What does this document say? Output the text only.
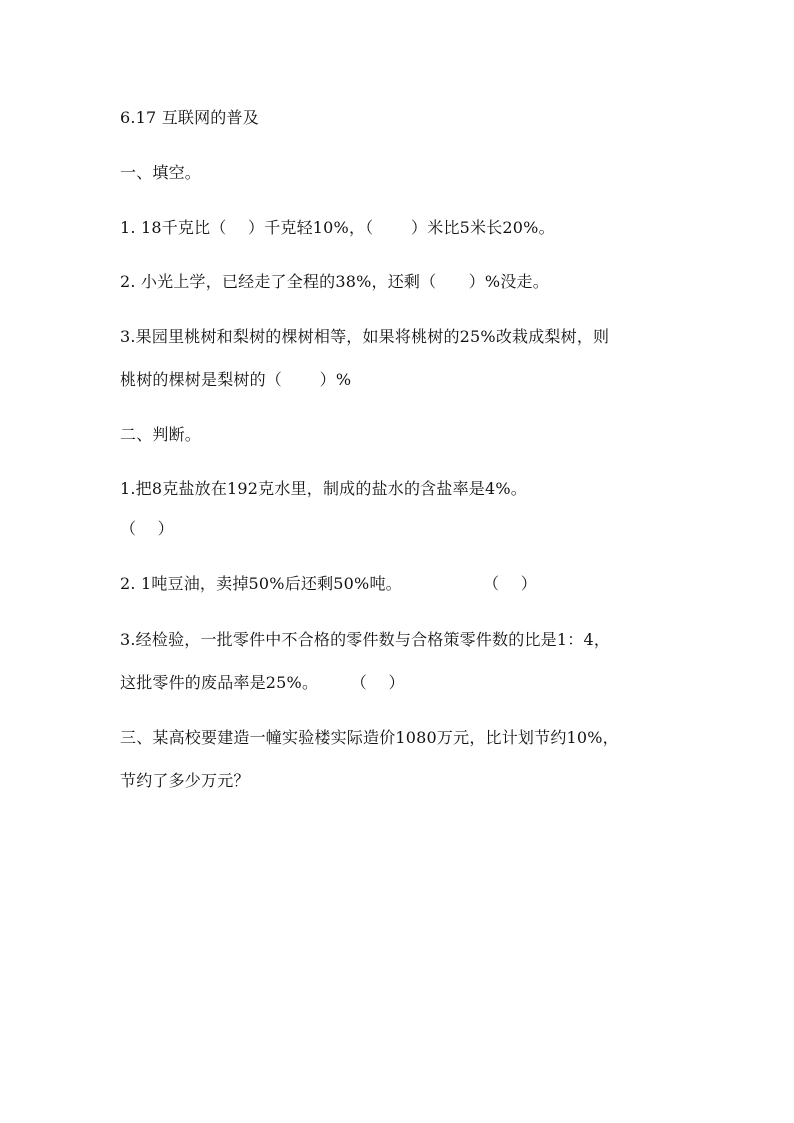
6.17 互联网的普及

一、填空。

1. 18千克比（　 ）千克轻10%，（　　 ）米比5米长20%。

2. 小光上学，已经走了全程的38%，还剩（　　）%没走。

3.果园里桃树和梨树的棵树相等，如果将桃树的25%改栽成梨树，则

桃树的棵树是梨树的（　　 ）%

二、判断。

1.把8克盐放在192克水里，制成的盐水的含盐率是4%。

（　 ）

2. 1吨豆油，卖掉50%后还剩50%吨。　　　　　　（　 ）

3.经检验，一批零件中不合格的零件数与合格策零件数的比是1：4，

这批零件的废品率是25%。　　　（　 ）

三、某高校要建造一幢实验楼实际造价1080万元，比计划节约10%，

节约了多少万元？
